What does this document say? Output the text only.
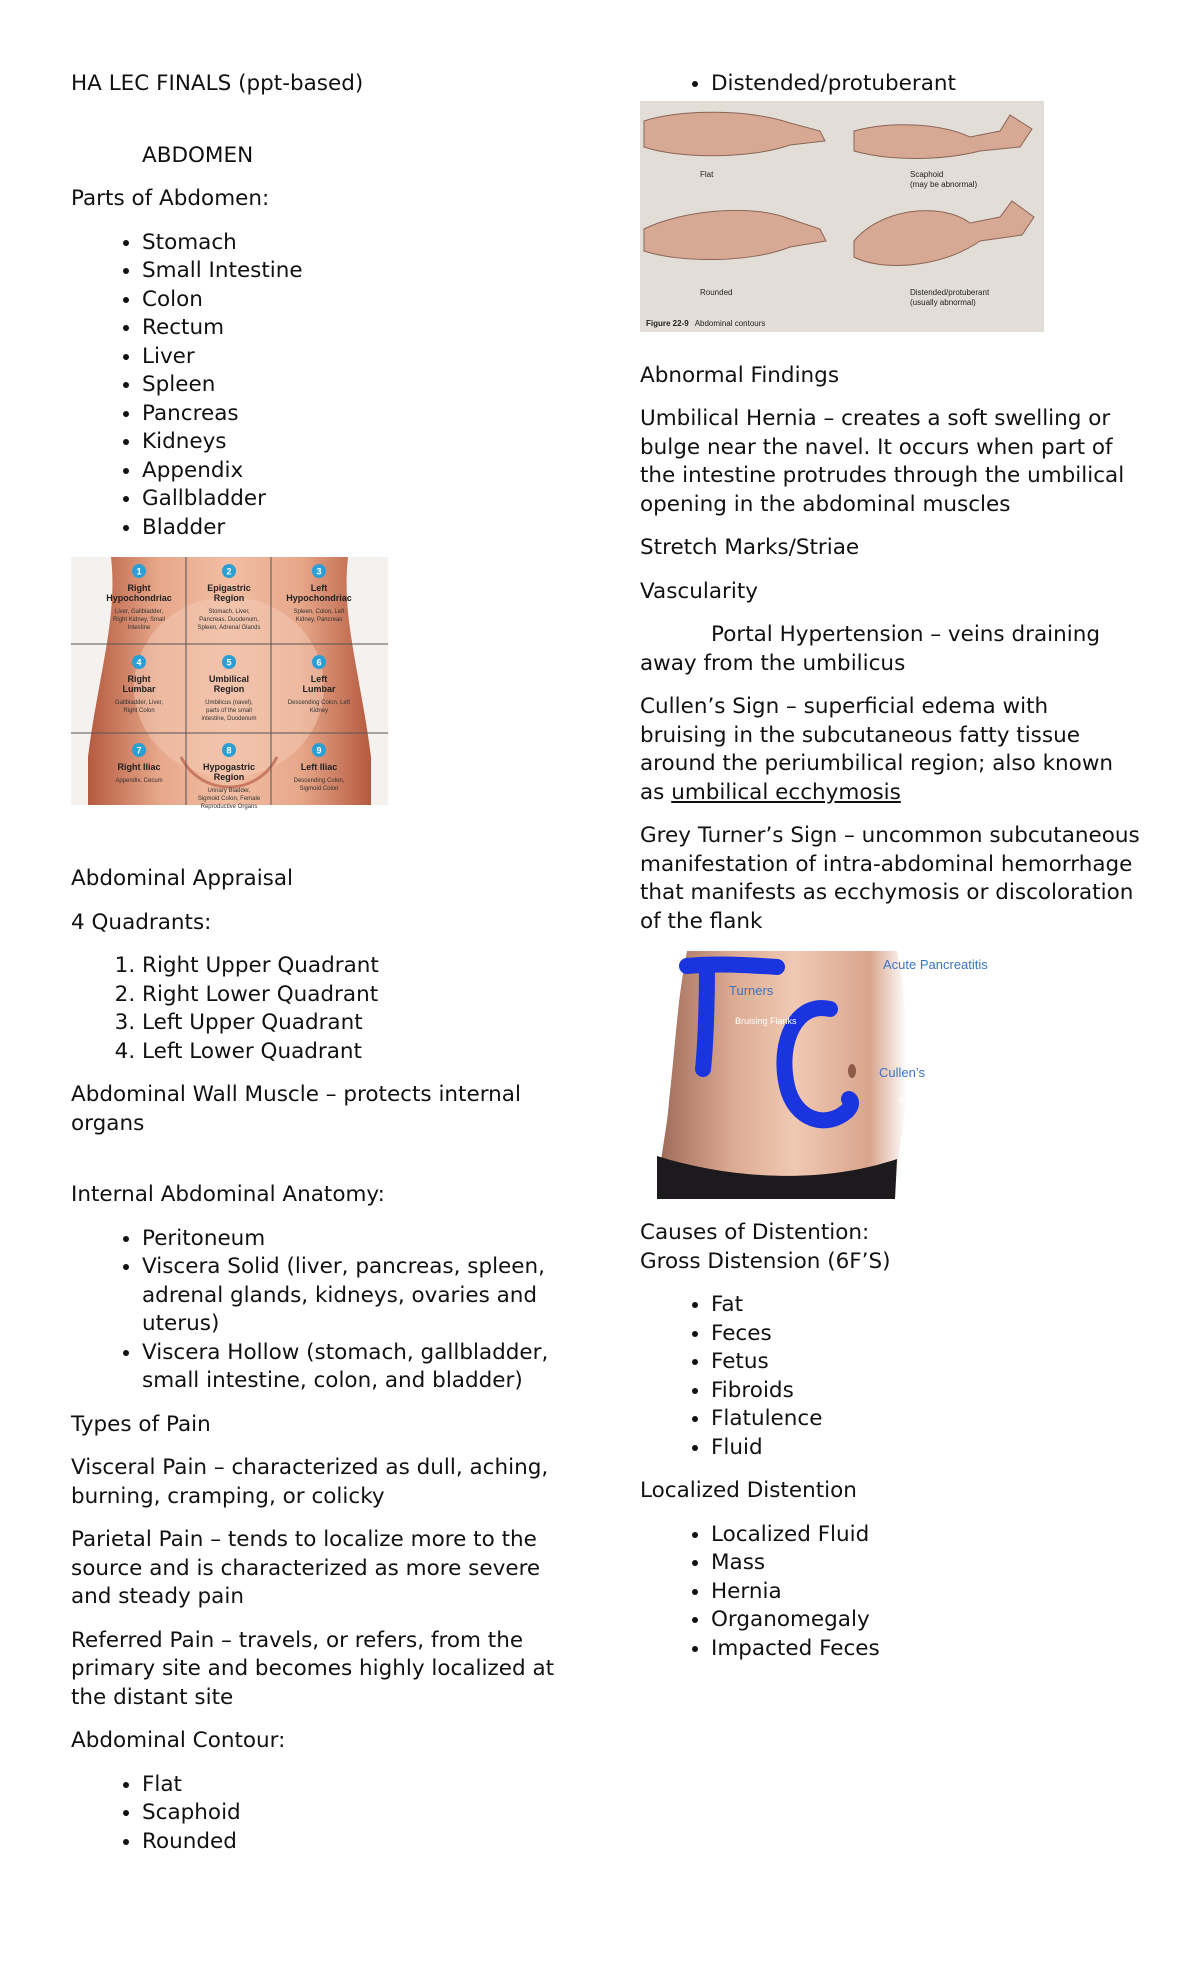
HA LEC FINALS (ppt-based)

ABDOMEN

Parts of Abdomen:

• Stomach
• Small Intestine
• Colon
• Rectum
• Liver
• Spleen
• Pancreas
• Kidneys
• Appendix
• Gallbladder
• Bladder
1
Right
Hypochondriac
Liver, Gallbladder,
Right Kidney, Small
Intestine
2
Epigastric
Region
Stomach, Liver,
Pancreas, Duodenum,
Spleen, Adrenal Glands
3
Left
Hypochondriac
Spleen, Colon, Left
Kidney, Pancreas
4
Right
Lumbar
Gallbladder, Liver,
Right Colon
5
Umbilical
Region
Umbilicus (navel),
parts of the small
intestine, Duodenum
6
Left
Lumbar
Descending Colon, Left
Kidney
7
Right Iliac
Appendix, Cecum
8
Hypogastric
Region
Urinary Bladder,
Sigmoid Colon, Female
Reproductive Organs
9
Left Iliac
Descending Colon,
Sigmoid Colon

Abdominal Appraisal

4 Quadrants:

1. Right Upper Quadrant
2. Right Lower Quadrant
3. Left Upper Quadrant
4. Left Lower Quadrant

Abdominal Wall Muscle – protects internal organs

Internal Abdominal Anatomy:

• Peritoneum
• Viscera Solid (liver, pancreas, spleen, adrenal glands, kidneys, ovaries and uterus)
• Viscera Hollow (stomach, gallbladder, small intestine, colon, and bladder)

Types of Pain

Visceral Pain – characterized as dull, aching, burning, cramping, or colicky

Parietal Pain – tends to localize more to the source and is characterized as more severe and steady pain

Referred Pain – travels, or refers, from the primary site and becomes highly localized at the distant site

Abdominal Contour:

• Flat
• Scaphoid
• Rounded
• Distended/protuberant
Flat	Scaphoid (may be abnormal)
Rounded	Distended/protuberant (usually abnormal)
Figure 22-9 Abdominal contours

Abnormal Findings

Umbilical Hernia – creates a soft swelling or bulge near the navel. It occurs when part of the intestine protrudes through the umbilical opening in the abdominal muscles

Stretch Marks/Striae

Vascularity

Portal Hypertension – veins draining away from the umbilicus

Cullen’s Sign – superficial edema with bruising in the subcutaneous fatty tissue around the periumbilical region; also known as umbilical ecchymosis

Grey Turner’s Sign – uncommon subcutaneous manifestation of intra-abdominal hemorrhage that manifests as ecchymosis or discoloration of the flank

Acute Pancreatitis
Turners
Bruising Flanks
Cullen’s
Bruising around umbilicus

Causes of Distention:

Gross Distension (6F’S)

• Fat
• Feces
• Fetus
• Fibroids
• Flatulence
• Fluid

Localized Distention

• Localized Fluid
• Mass
• Hernia
• Organomegaly
• Impacted Feces
